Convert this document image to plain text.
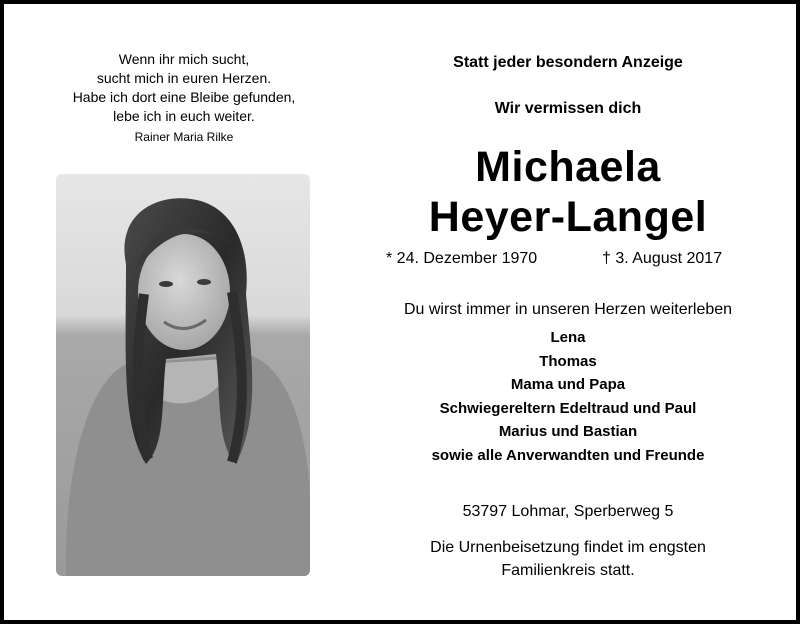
Wenn ihr mich sucht,
sucht mich in euren Herzen.
Habe ich dort eine Bleibe gefunden,
lebe ich in euch weiter.
Rainer Maria Rilke
Statt jeder besondern Anzeige
Wir vermissen dich
Michaela
Heyer-Langel
* 24. Dezember 1970	† 3. August 2017
Du wirst immer in unseren Herzen weiterleben
Lena
Thomas
Mama und Papa
Schwiegereltern Edeltraud und Paul
Marius und Bastian
sowie alle Anverwandten und Freunde
53797 Lohmar, Sperberweg 5
Die Urnenbeisetzung findet im engsten
Familienkreis statt.
